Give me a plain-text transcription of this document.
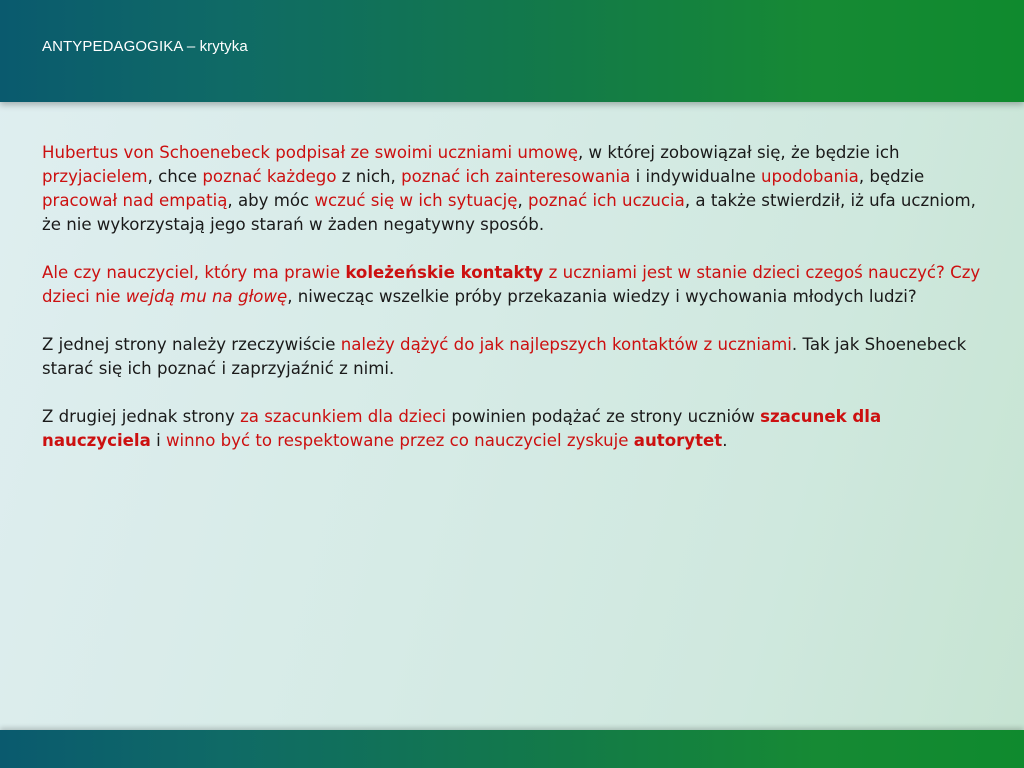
ANTYPEDAGOGIKA – krytyka

Hubertus von Schoenebeck podpisał ze swoimi uczniami umowę, w której zobowiązał się, że będzie ich przyjacielem, chce poznać każdego z nich, poznać ich zainteresowania i indywidualne upodobania, będzie pracował nad empatią, aby móc wczuć się w ich sytuację, poznać ich uczucia, a także stwierdził, iż ufa uczniom, że nie wykorzystają jego starań w żaden negatywny sposób.

Ale czy nauczyciel, który ma prawie koleżeńskie kontakty z uczniami jest w stanie dzieci czegoś nauczyć? Czy dzieci nie wejdą mu na głowę, niwecząc wszelkie próby przekazania wiedzy i wychowania młodych ludzi?

Z jednej strony należy rzeczywiście należy dążyć do jak najlepszych kontaktów z uczniami. Tak jak Shoenebeck starać się ich poznać i zaprzyjaźnić z nimi.

Z drugiej jednak strony za szacunkiem dla dzieci powinien podążać ze strony uczniów szacunek dla nauczyciela i winno być to respektowane przez co nauczyciel zyskuje autorytet.
